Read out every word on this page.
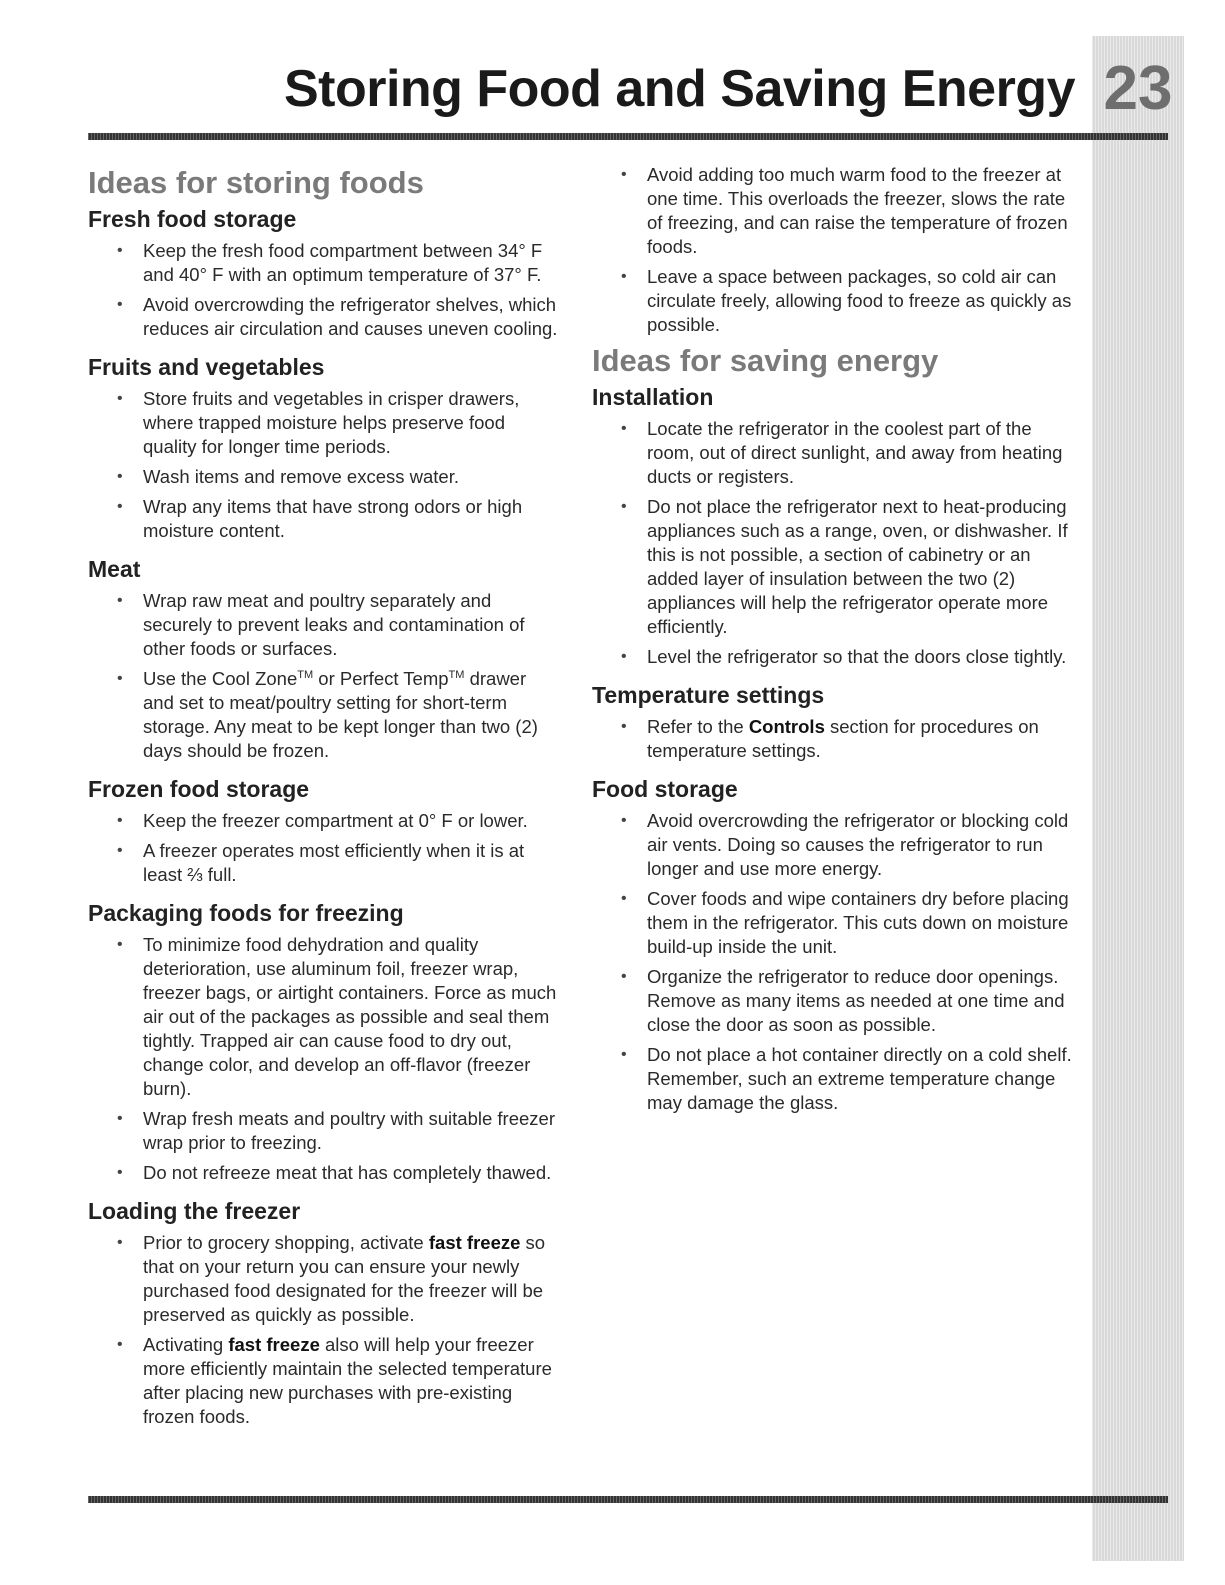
23
Storing Food and Saving Energy
Ideas for storing foods
Fresh food storage
• Keep the fresh food compartment between 34° F and 40° F with an optimum temperature of 37° F.
• Avoid overcrowding the refrigerator shelves, which reduces air circulation and causes uneven cooling.
Fruits and vegetables
• Store fruits and vegetables in crisper drawers, where trapped moisture helps preserve food quality for longer time periods.
• Wash items and remove excess water.
• Wrap any items that have strong odors or high moisture content.
Meat
• Wrap raw meat and poultry separately and securely to prevent leaks and contamination of other foods or surfaces.
• Use the Cool Zone™ or Perfect Temp™ drawer and set to meat/poultry setting for short-term storage. Any meat to be kept longer than two (2) days should be frozen.
Frozen food storage
• Keep the freezer compartment at 0° F or lower.
• A freezer operates most efficiently when it is at least ⅔ full.
Packaging foods for freezing
• To minimize food dehydration and quality deterioration, use aluminum foil, freezer wrap, freezer bags, or airtight containers. Force as much air out of the packages as possible and seal them tightly. Trapped air can cause food to dry out, change color, and develop an off-flavor (freezer burn).
• Wrap fresh meats and poultry with suitable freezer wrap prior to freezing.
• Do not refreeze meat that has completely thawed.
Loading the freezer
• Prior to grocery shopping, activate fast freeze so that on your return you can ensure your newly purchased food designated for the freezer will be preserved as quickly as possible.
• Activating fast freeze also will help your freezer more efficiently maintain the selected temperature after placing new purchases with pre-existing frozen foods.
• Avoid adding too much warm food to the freezer at one time. This overloads the freezer, slows the rate of freezing, and can raise the temperature of frozen foods.
• Leave a space between packages, so cold air can circulate freely, allowing food to freeze as quickly as possible.
Ideas for saving energy
Installation
• Locate the refrigerator in the coolest part of the room, out of direct sunlight, and away from heating ducts or registers.
• Do not place the refrigerator next to heat-producing appliances such as a range, oven, or dishwasher. If this is not possible, a section of cabinetry or an added layer of insulation between the two (2) appliances will help the refrigerator operate more efficiently.
• Level the refrigerator so that the doors close tightly.
Temperature settings
• Refer to the Controls section for procedures on temperature settings.
Food storage
• Avoid overcrowding the refrigerator or blocking cold air vents. Doing so causes the refrigerator to run longer and use more energy.
• Cover foods and wipe containers dry before placing them in the refrigerator. This cuts down on moisture build-up inside the unit.
• Organize the refrigerator to reduce door openings. Remove as many items as needed at one time and close the door as soon as possible.
• Do not place a hot container directly on a cold shelf. Remember, such an extreme temperature change may damage the glass.
